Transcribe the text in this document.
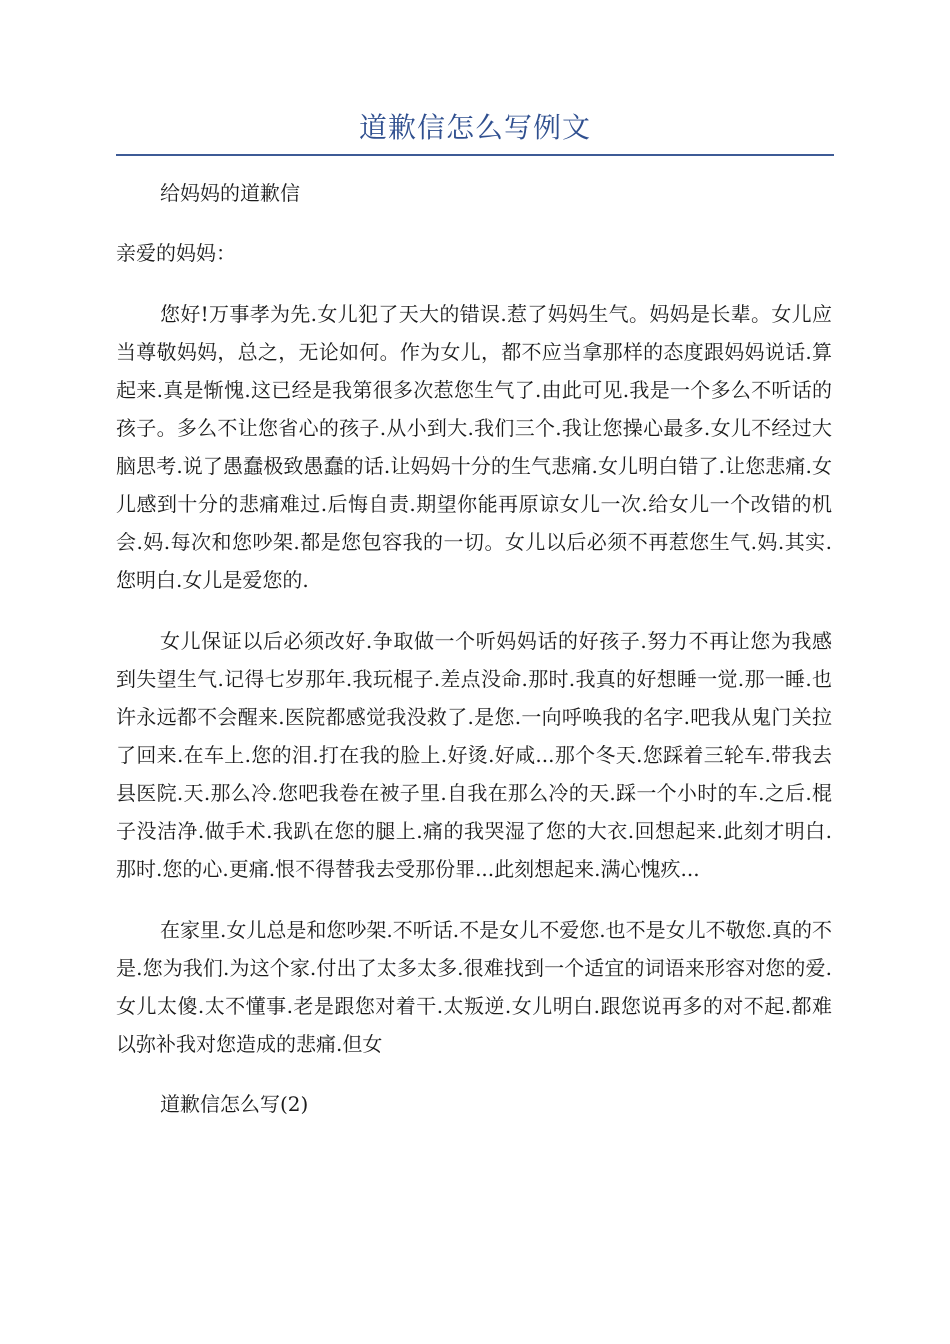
道歉信怎么写例文

给妈妈的道歉信

亲爱的妈妈：

您好!万事孝为先.女儿犯了天大的错误.惹了妈妈生气。妈妈是长辈。女儿应当尊敬妈妈，总之，无论如何。作为女儿，都不应当拿那样的态度跟妈妈说话.算起来.真是惭愧.这已经是我第很多次惹您生气了.由此可见.我是一个多么不听话的孩子。多么不让您省心的孩子.从小到大.我们三个.我让您操心最多.女儿不经过大脑思考.说了愚蠢极致愚蠢的话.让妈妈十分的生气悲痛.女儿明白错了.让您悲痛.女儿感到十分的悲痛难过.后悔自责.期望你能再原谅女儿一次.给女儿一个改错的机会.妈.每次和您吵架.都是您包容我的一切。女儿以后必须不再惹您生气.妈.其实.您明白.女儿是爱您的.

女儿保证以后必须改好.争取做一个听妈妈话的好孩子.努力不再让您为我感到失望生气.记得七岁那年.我玩棍子.差点没命.那时.我真的好想睡一觉.那一睡.也许永远都不会醒来.医院都感觉我没救了.是您.一向呼唤我的名字.吧我从鬼门关拉了回来.在车上.您的泪.打在我的脸上.好烫.好咸...那个冬天.您踩着三轮车.带我去县医院.天.那么冷.您吧我卷在被子里.自我在那么冷的天.踩一个小时的车.之后.棍子没洁净.做手术.我趴在您的腿上.痛的我哭湿了您的大衣.回想起来.此刻才明白.那时.您的心.更痛.恨不得替我去受那份罪...此刻想起来.满心愧疚...

在家里.女儿总是和您吵架.不听话.不是女儿不爱您.也不是女儿不敬您.真的不是.您为我们.为这个家.付出了太多太多.很难找到一个适宜的词语来形容对您的爱.女儿太傻.太不懂事.老是跟您对着干.太叛逆.女儿明白.跟您说再多的对不起.都难以弥补我对您造成的悲痛.但女

道歉信怎么写(2)
